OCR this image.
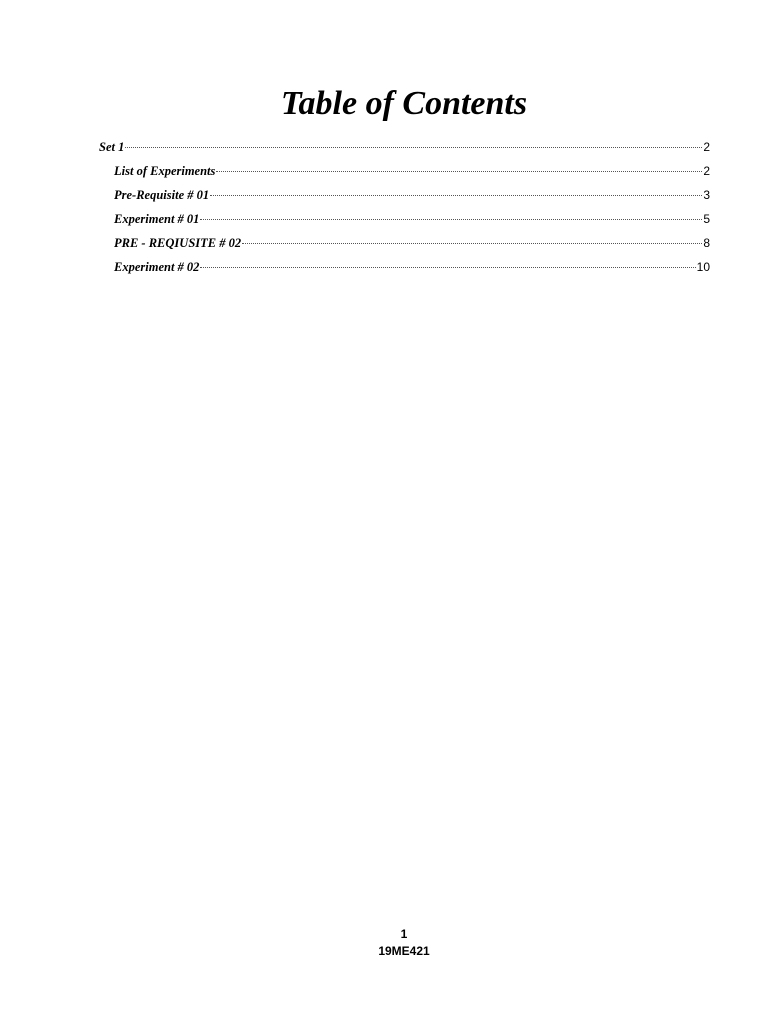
Table of Contents
Set 1	2
List of Experiments	2
Pre-Requisite # 01	3
Experiment # 01	5
PRE - REQIUSITE # 02	8
Experiment # 02	10
1
19ME421
